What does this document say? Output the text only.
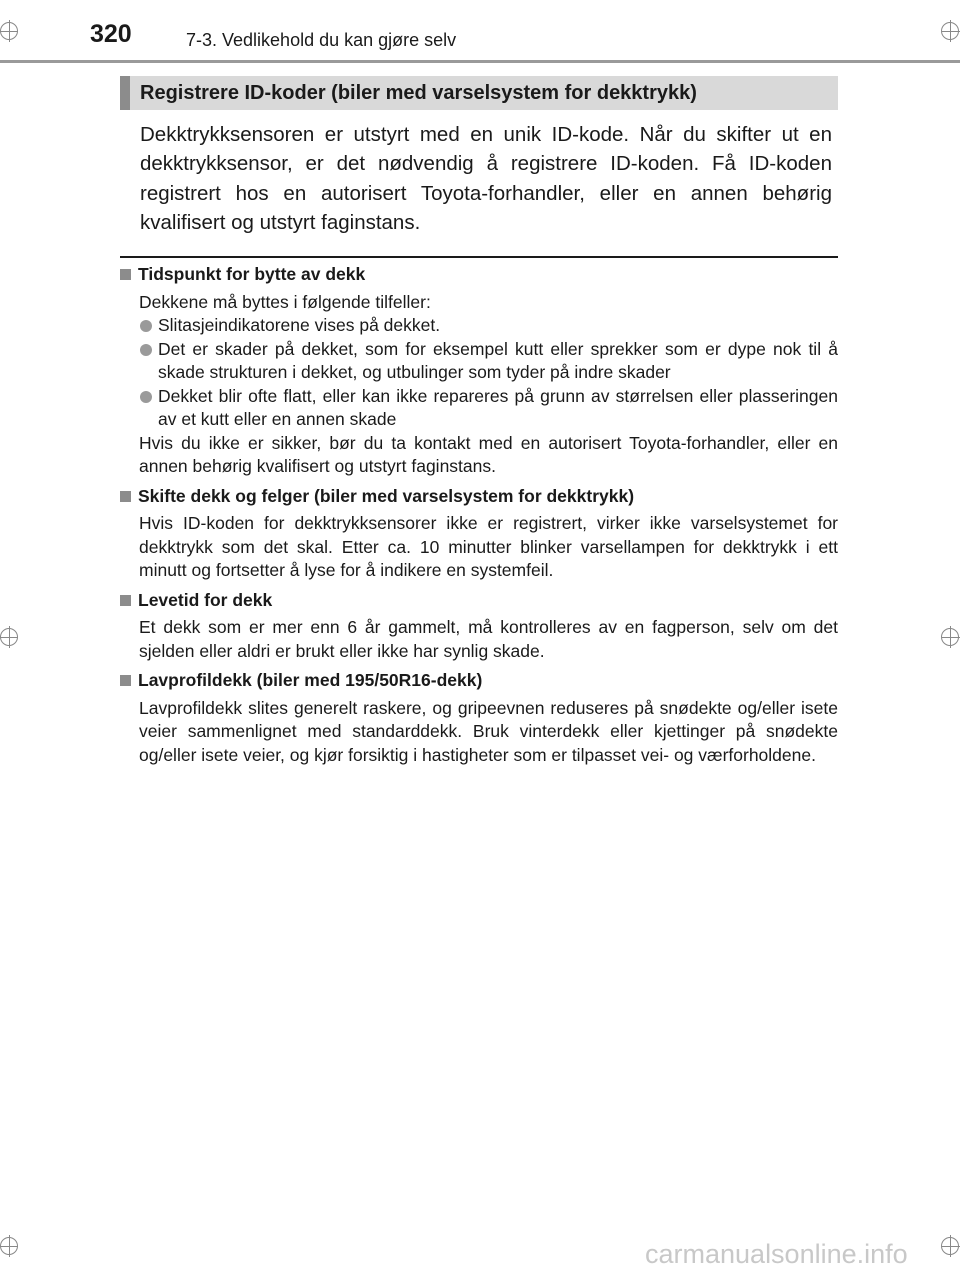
320	7-3. Vedlikehold du kan gjøre selv
Registrere ID-koder (biler med varselsystem for dekktrykk)

Dekktrykksensoren er utstyrt med en unik ID-kode. Når du skifter ut en dekktrykksensor, er det nødvendig å registrere ID-koden. Få ID-koden registrert hos en autorisert Toyota-forhandler, eller en annen behørig kvalifisert og utstyrt faginstans.

Tidspunkt for bytte av dekk

Dekkene må byttes i følgende tilfeller:

Slitasjeindikatorene vises på dekket.

Det er skader på dekket, som for eksempel kutt eller sprekker som er dype nok til å skade strukturen i dekket, og utbulinger som tyder på indre skader

Dekket blir ofte flatt, eller kan ikke repareres på grunn av størrelsen eller plasseringen av et kutt eller en annen skade

Hvis du ikke er sikker, bør du ta kontakt med en autorisert Toyota-forhandler, eller en annen behørig kvalifisert og utstyrt faginstans.

Skifte dekk og felger (biler med varselsystem for dekktrykk)

Hvis ID-koden for dekktrykksensorer ikke er registrert, virker ikke varselsystemet for dekktrykk som det skal. Etter ca. 10 minutter blinker varsellampen for dekktrykk i ett minutt og fortsetter å lyse for å indikere en systemfeil.

Levetid for dekk

Et dekk som er mer enn 6 år gammelt, må kontrolleres av en fagperson, selv om det sjelden eller aldri er brukt eller ikke har synlig skade.

Lavprofildekk (biler med 195/50R16-dekk)

Lavprofildekk slites generelt raskere, og gripeevnen reduseres på snødekte og/eller isete veier sammenlignet med standarddekk. Bruk vinterdekk eller kjettinger på snødekte og/eller isete veier, og kjør forsiktig i hastigheter som er tilpasset vei- og værforholdene.

carmanualsonline.info
